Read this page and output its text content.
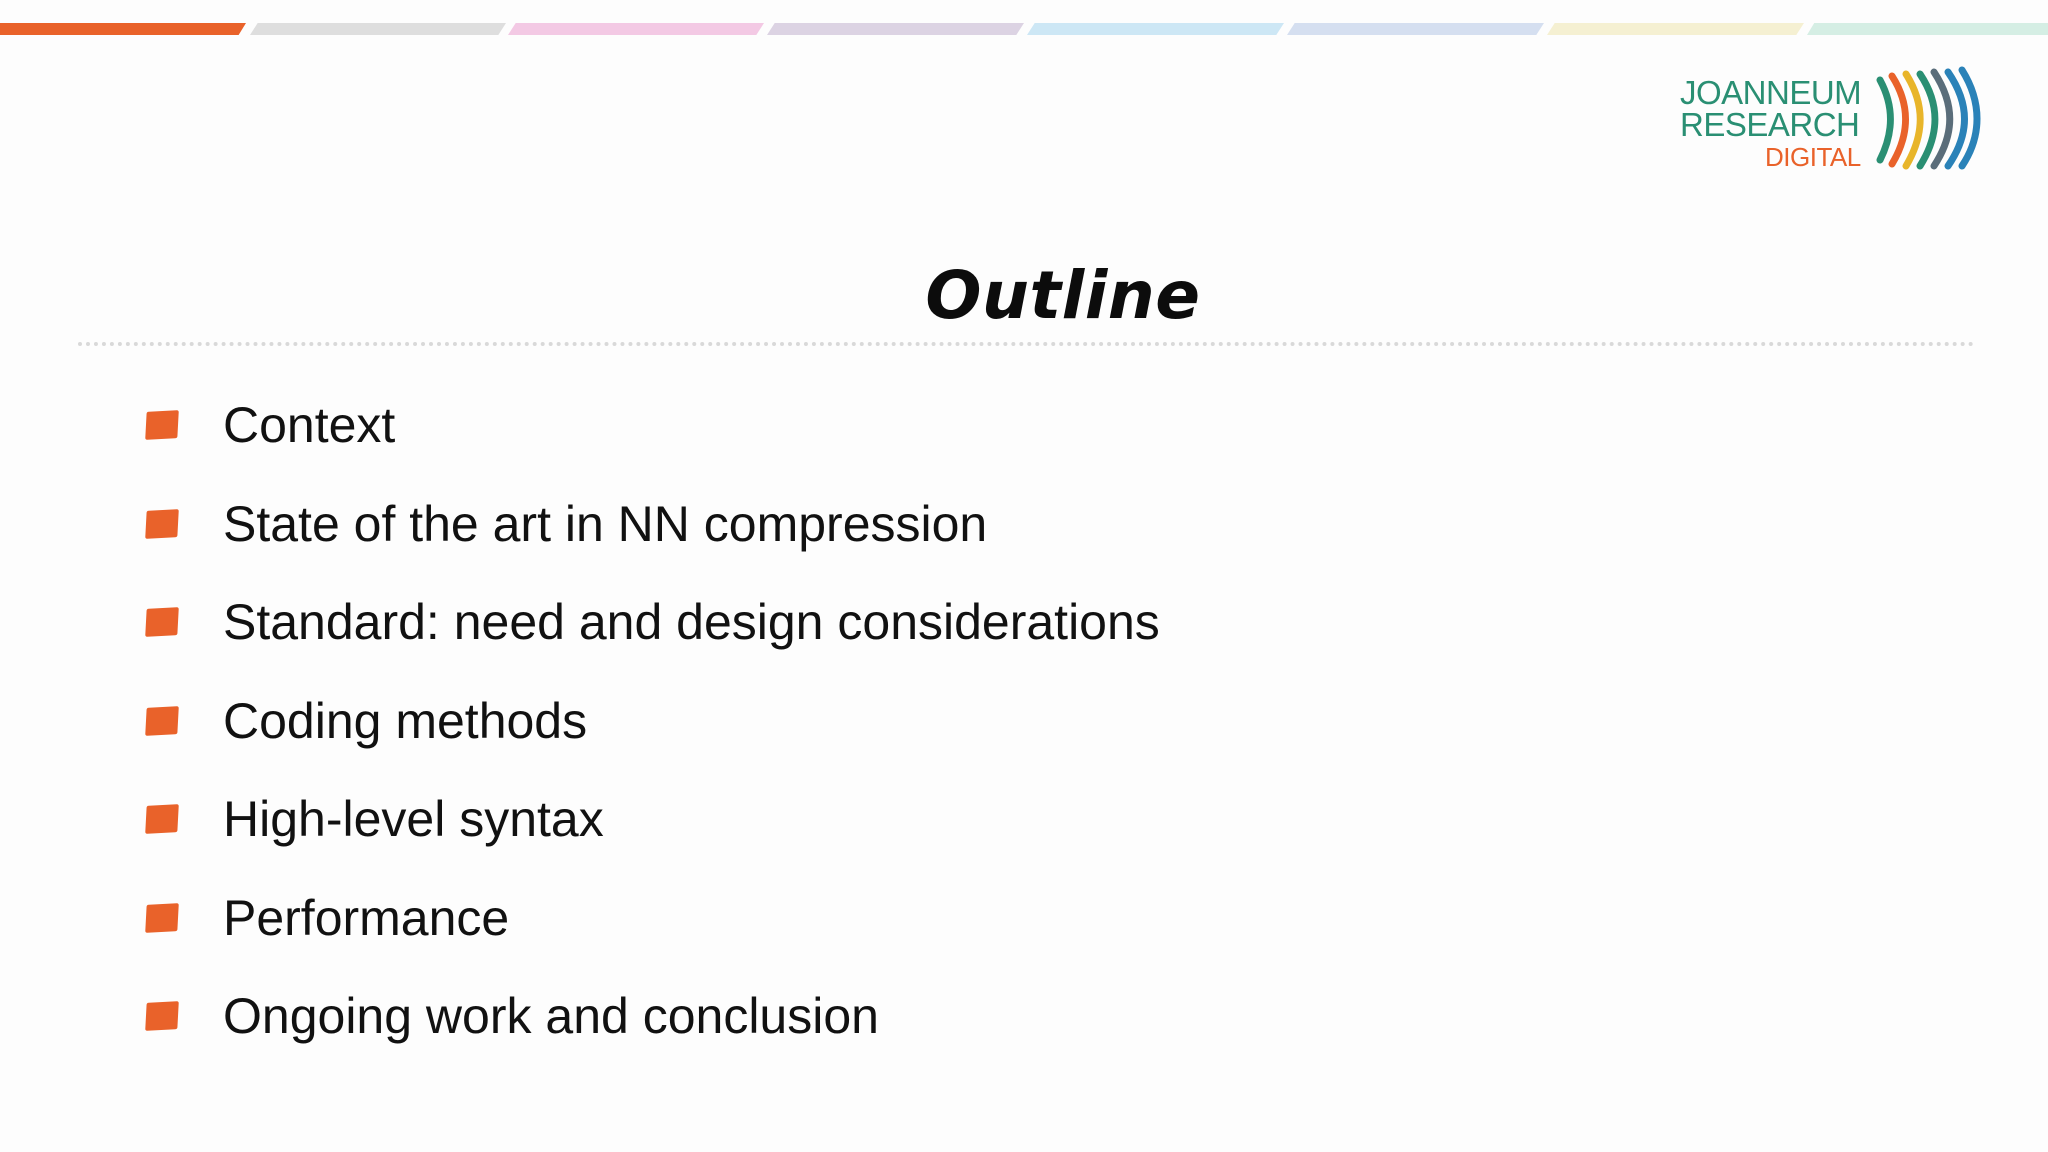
JOANNEUM
RESEARCH
DIGITAL
Outline
Context
State of the art in NN compression
Standard: need and design considerations
Coding methods
High-level syntax
Performance
Ongoing work and conclusion
